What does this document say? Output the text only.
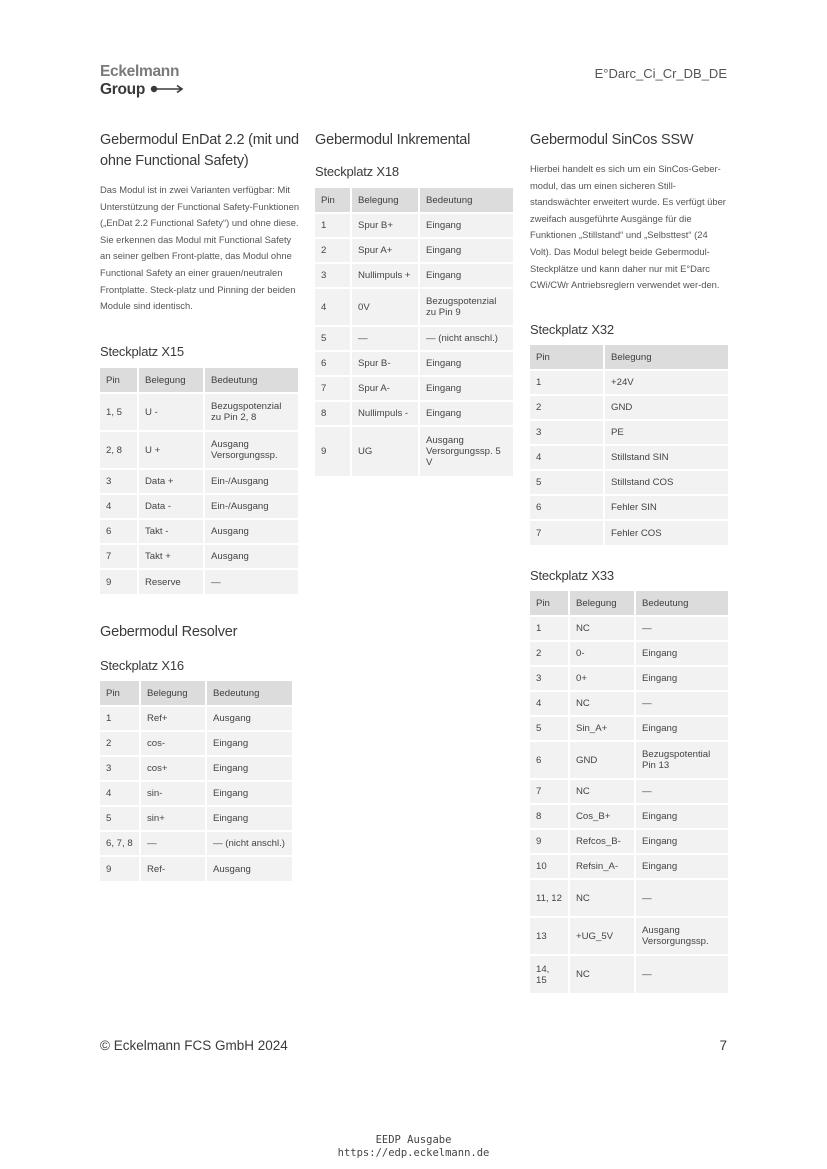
Eckelmann
Group
E°Darc_Ci_Cr_DB_DE
Gebermodul EnDat 2.2 (mit und ohne Functional Safety)

Das Modul ist in zwei Varianten verfügbar: Mit Unterstützung der Functional Safety-Funktionen („EnDat 2.2 Functional Safety“) und ohne diese. Sie erkennen das Modul mit Functional Safety an seiner gelben Front-platte, das Modul ohne Functional Safety an einer grauen/neutralen Frontplatte. Steck-platz und Pinning der beiden Module sind identisch.

Steckplatz X15
Pin	Belegung	Bedeutung
1, 5	U -	Bezugspotenzial zu Pin 2, 8
2, 8	U +	Ausgang Versorgungssp.
3	Data +	Ein-/Ausgang
4	Data -	Ein-/Ausgang
6	Takt -	Ausgang
7	Takt +	Ausgang
9	Reserve	—
Gebermodul Resolver
Steckplatz X16
Pin	Belegung	Bedeutung
1	Ref+	Ausgang
2	cos-	Eingang
3	cos+	Eingang
4	sin-	Eingang
5	sin+	Eingang
6, 7, 8	—	— (nicht anschl.)
9	Ref-	Ausgang
Gebermodul Inkremental
Steckplatz X18
Pin	Belegung	Bedeutung
1	Spur B+	Eingang
2	Spur A+	Eingang
3	Nullimpuls +	Eingang
4	0V	Bezugspotenzial zu Pin 9
5	—	— (nicht anschl.)
6	Spur B-	Eingang
7	Spur A-	Eingang
8	Nullimpuls -	Eingang
9	UG	Ausgang Versorgungssp. 5 V
Gebermodul SinCos SSW

Hierbei handelt es sich um ein SinCos-Geber-modul, das um einen sicheren Still-standswächter erweitert wurde. Es verfügt über zweifach ausgeführte Ausgänge für die Funktionen „Stillstand“ und „Selbsttest“ (24 Volt). Das Modul belegt beide Gebermodul-Steckplätze und kann daher nur mit E°Darc CWi/CWr Antriebsreglern verwendet wer-den.

Steckplatz X32
Pin	Belegung
1	+24V
2	GND
3	PE
4	Stillstand SIN
5	Stillstand COS
6	Fehler SIN
7	Fehler COS
Steckplatz X33
Pin	Belegung	Bedeutung
1	NC	—
2	0-	Eingang
3	0+	Eingang
4	NC	—
5	Sin_A+	Eingang
6	GND	Bezugspotential Pin 13
7	NC	—
8	Cos_B+	Eingang
9	Refcos_B-	Eingang
10	Refsin_A-	Eingang
11, 12	NC	—
13	+UG_5V	Ausgang Versorgungssp.
14, 15	NC	—
© Eckelmann FCS GmbH 2024	7
EEDP Ausgabe
https://edp.eckelmann.de
